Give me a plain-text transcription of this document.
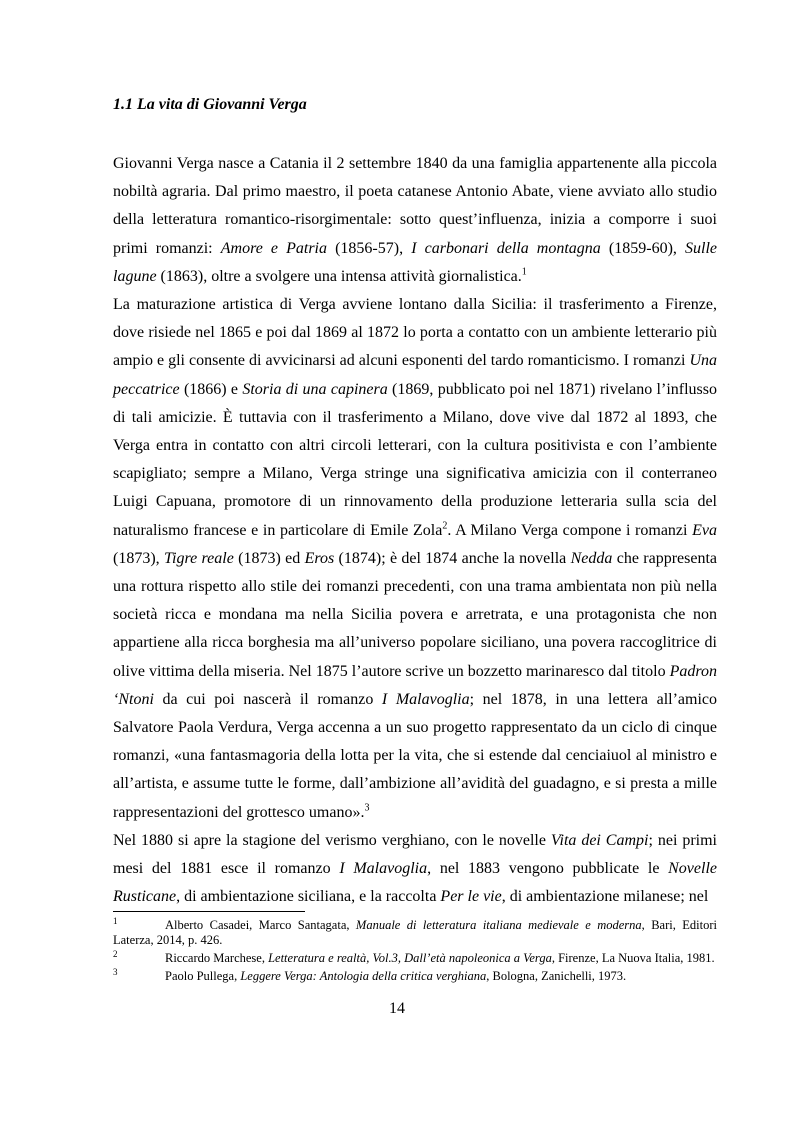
1.1 La vita di Giovanni Verga

Giovanni Verga nasce a Catania il 2 settembre 1840 da una famiglia appartenente alla piccola nobiltà agraria. Dal primo maestro, il poeta catanese Antonio Abate, viene avviato allo studio della letteratura romantico-risorgimentale: sotto quest’influenza, inizia a comporre i suoi primi romanzi: Amore e Patria (1856-57), I carbonari della montagna (1859-60), Sulle lagune (1863), oltre a svolgere una intensa attività giornalistica.$^1$

La maturazione artistica di Verga avviene lontano dalla Sicilia: il trasferimento a Firenze, dove risiede nel 1865 e poi dal 1869 al 1872 lo porta a contatto con un ambiente letterario più ampio e gli consente di avvicinarsi ad alcuni esponenti del tardo romanticismo. I romanzi Una peccatrice (1866) e Storia di una capinera (1869, pubblicato poi nel 1871) rivelano l’influsso di tali amicizie. È tuttavia con il trasferimento a Milano, dove vive dal 1872 al 1893, che Verga entra in contatto con altri circoli letterari, con la cultura positivista e con l’ambiente scapigliato; sempre a Milano, Verga stringe una significativa amicizia con il conterraneo Luigi Capuana, promotore di un rinnovamento della produzione letteraria sulla scia del naturalismo francese e in particolare di Emile Zola$^2$. A Milano Verga compone i romanzi Eva (1873), Tigre reale (1873) ed Eros (1874); è del 1874 anche la novella Nedda che rappresenta una rottura rispetto allo stile dei romanzi precedenti, con una trama ambientata non più nella società ricca e mondana ma nella Sicilia povera e arretrata, e una protagonista che non appartiene alla ricca borghesia ma all’universo popolare siciliano, una povera raccoglitrice di olive vittima della miseria. Nel 1875 l’autore scrive un bozzetto marinaresco dal titolo Padron ‘Ntoni da cui poi nascerà il romanzo I Malavoglia; nel 1878, in una lettera all’amico Salvatore Paola Verdura, Verga accenna a un suo progetto rappresentato da un ciclo di cinque romanzi, «una fantasmagoria della lotta per la vita, che si estende dal cenciaiuol al ministro e all’artista, e assume tutte le forme, dall’ambizione all’avidità del guadagno, e si presta a mille rappresentazioni del grottesco umano».$^3$

Nel 1880 si apre la stagione del verismo verghiano, con le novelle Vita dei Campi; nei primi mesi del 1881 esce il romanzo I Malavoglia, nel 1883 vengono pubblicate le Novelle Rusticane, di ambientazione siciliana, e la raccolta Per le vie, di ambientazione milanese; nel

1	Alberto Casadei, Marco Santagata, Manuale di letteratura italiana medievale e moderna, Bari, Editori Laterza, 2014, p. 426.
2	Riccardo Marchese, Letteratura e realtà, Vol.3, Dall’età napoleonica a Verga, Firenze, La Nuova Italia, 1981.
3	Paolo Pullega, Leggere Verga: Antologia della critica verghiana, Bologna, Zanichelli, 1973.
14
